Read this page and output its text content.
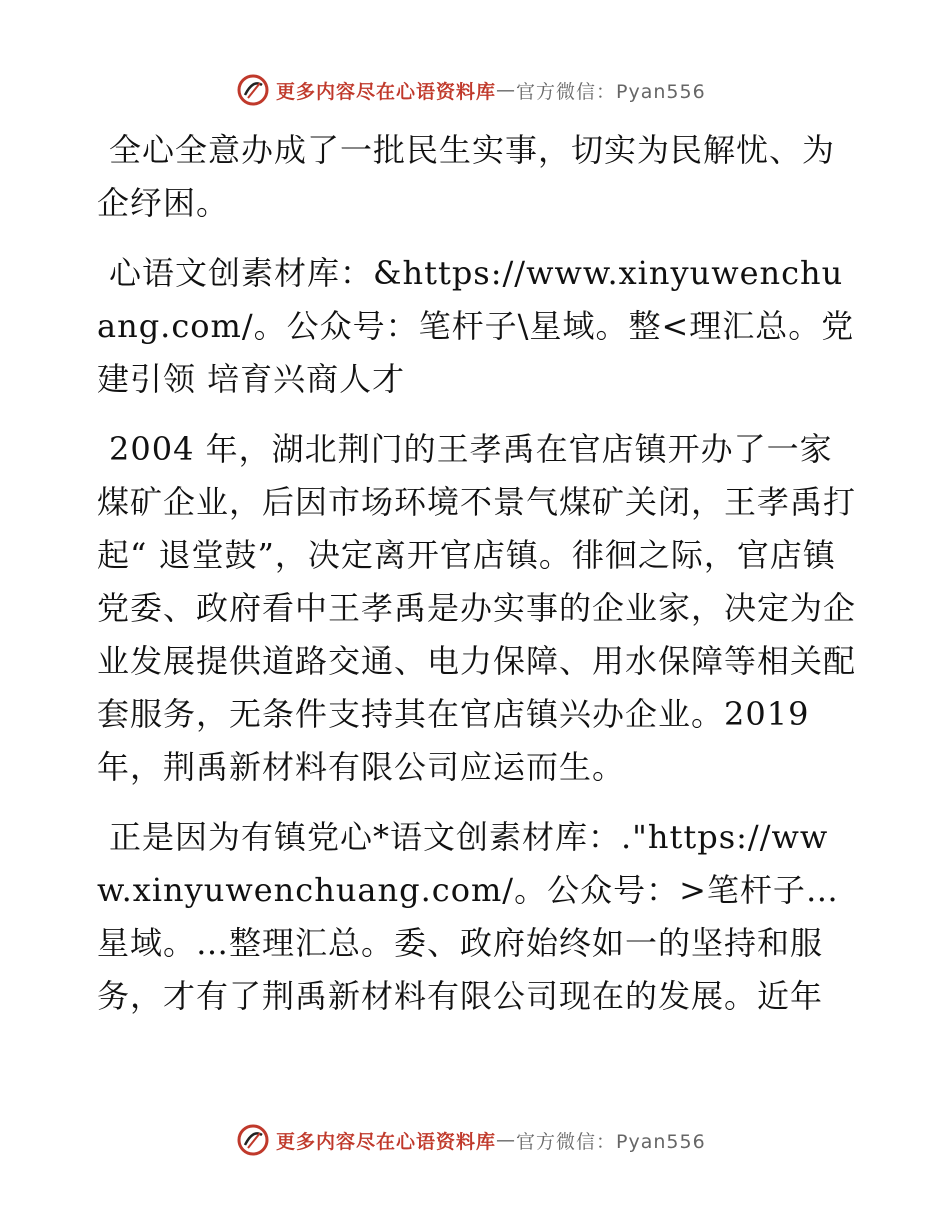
更多内容尽在心语资料库 — 官方微信：Pyan556

全心全意办成了一批民生实事，切实为民解忧、为企纾困。

心语文创素材库：&https://www.xinyuwenchuang.com/。公众号：笔杆子\星域。整<理汇总。党建引领 培育兴商人才

2004 年，湖北荆门的王孝禹在官店镇开办了一家煤矿企业，后因市场环境不景气煤矿关闭，王孝禹打起“ 退堂鼓”，决定离开官店镇。徘徊之际，官店镇党委、政府看中王孝禹是办实事的企业家，决定为企业发展提供道路交通、电力保障、用水保障等相关配套服务，无条件支持其在官店镇兴办企业。2019 年，荆禹新材料有限公司应运而生。

正是因为有镇党心*语文创素材库：."https://www.xinyuwenchuang.com/。公众号：>笔杆子…星域。…整理汇总。委、政府始终如一的坚持和服务，才有了荆禹新材料有限公司现在的发展。近年

更多内容尽在心语资料库 — 官方微信：Pyan556
